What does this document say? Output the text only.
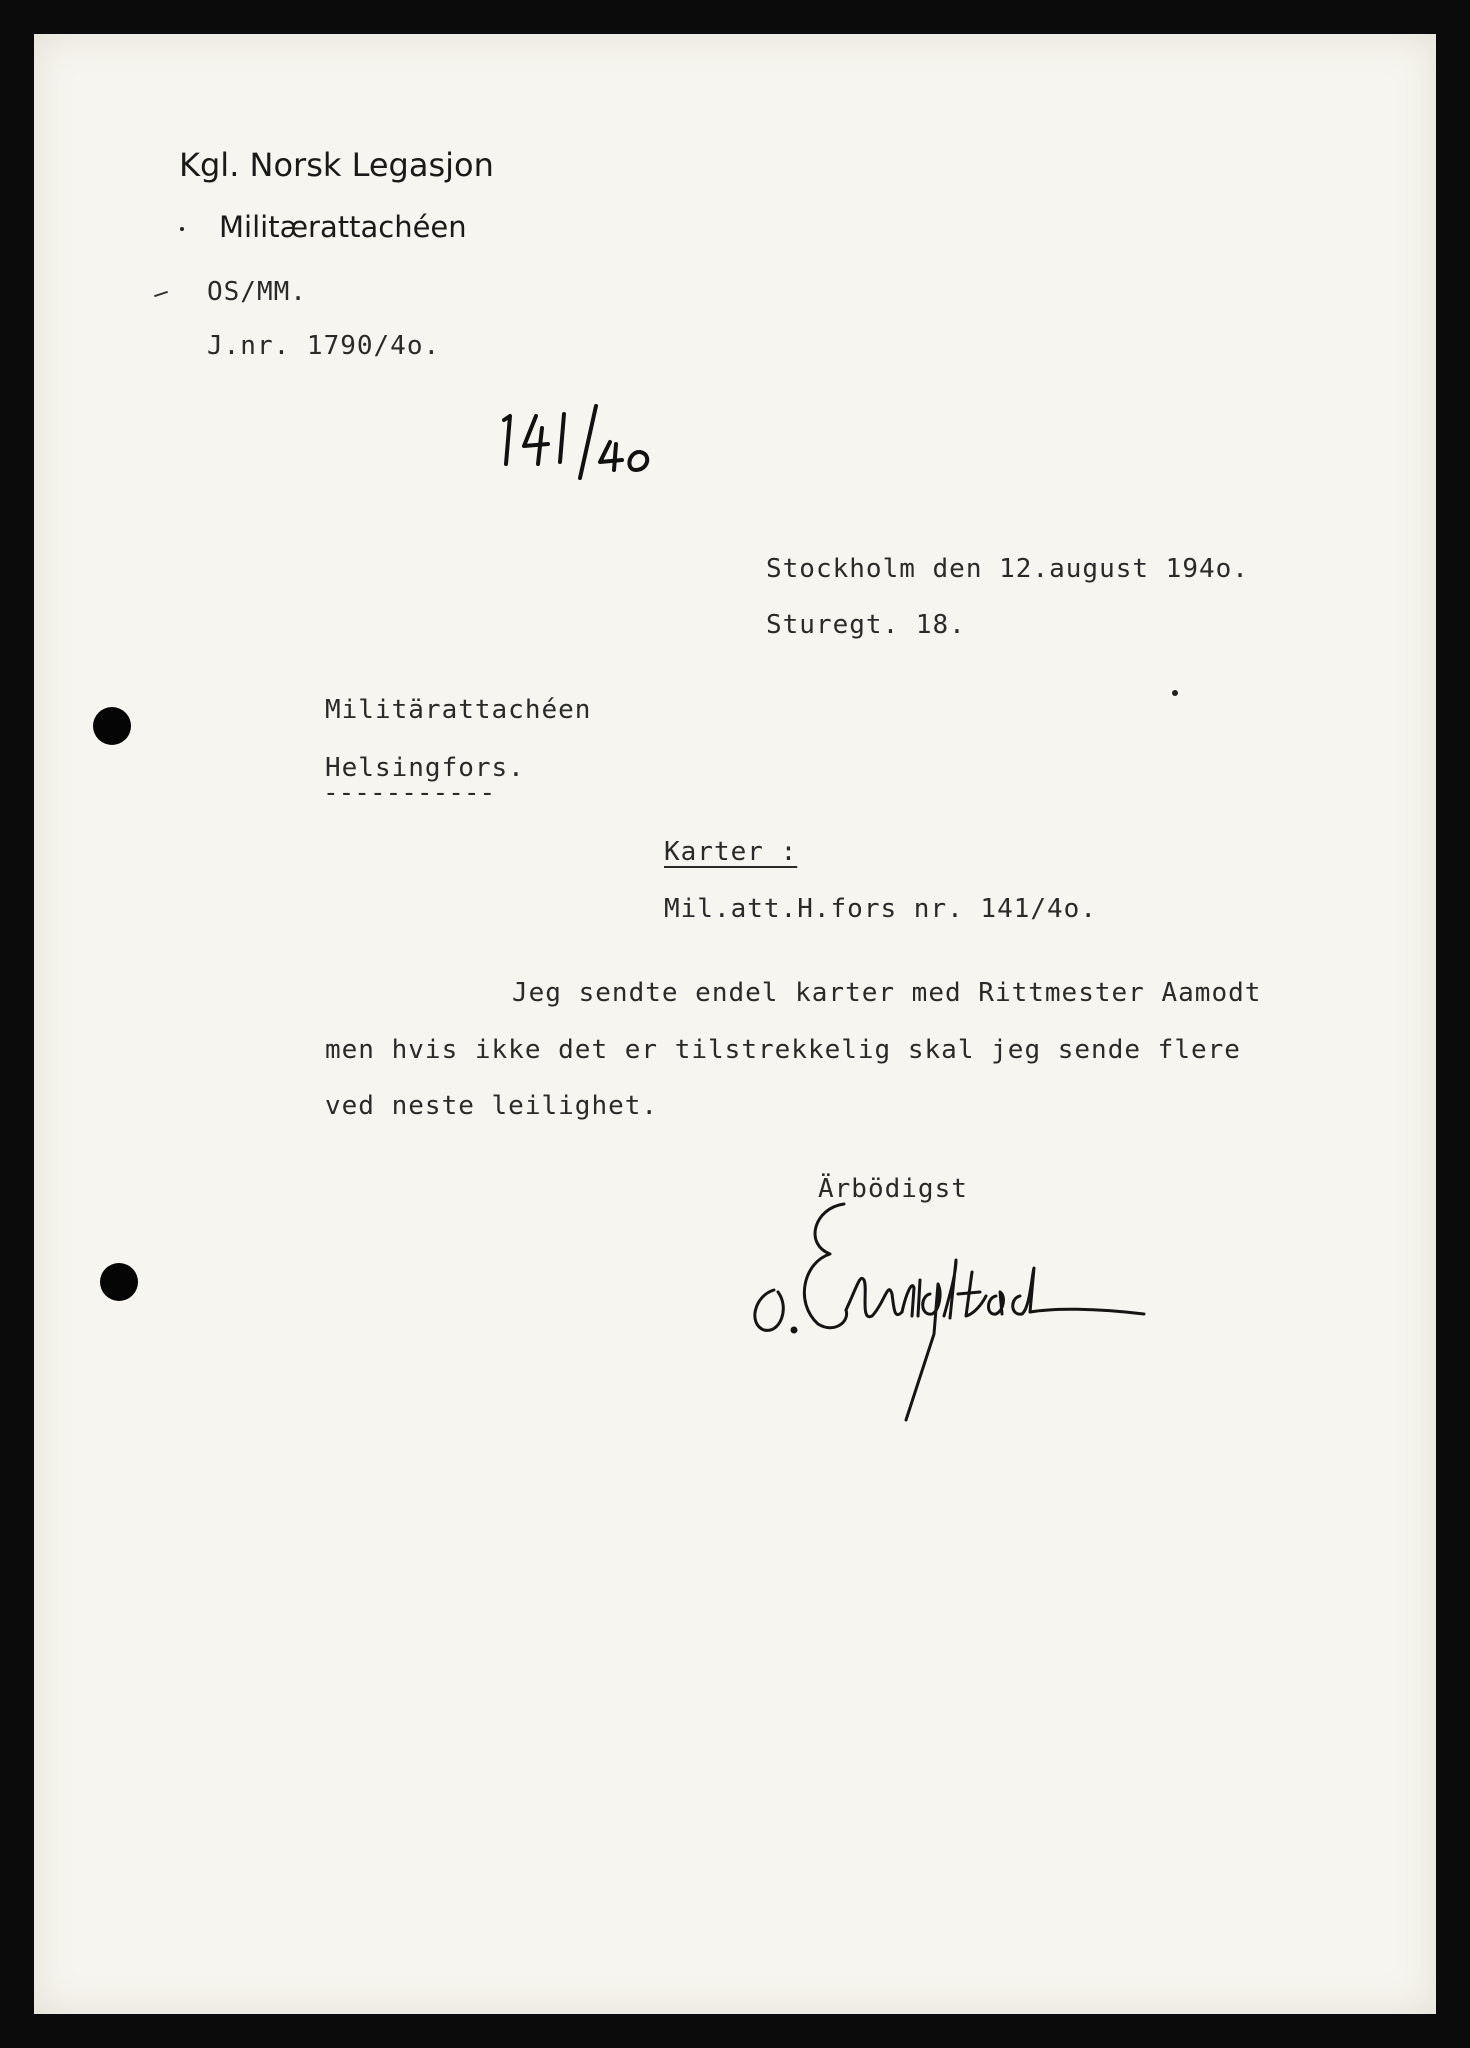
Kgl. Norsk Legasjon
Militærattachéen
OS/MM.
J.nr. 1790/4o.
Stockholm den 12.august 194o.
Sturegt. 18.
Militärattachéen
Helsingfors.
-----------
Karter :
Mil.att.H.fors nr. 141/4o.
Jeg sendte endel karter med Rittmester Aamodt
men hvis ikke det er tilstrekkelig skal jeg sende flere
ved neste leilighet.
Ärbödigst
